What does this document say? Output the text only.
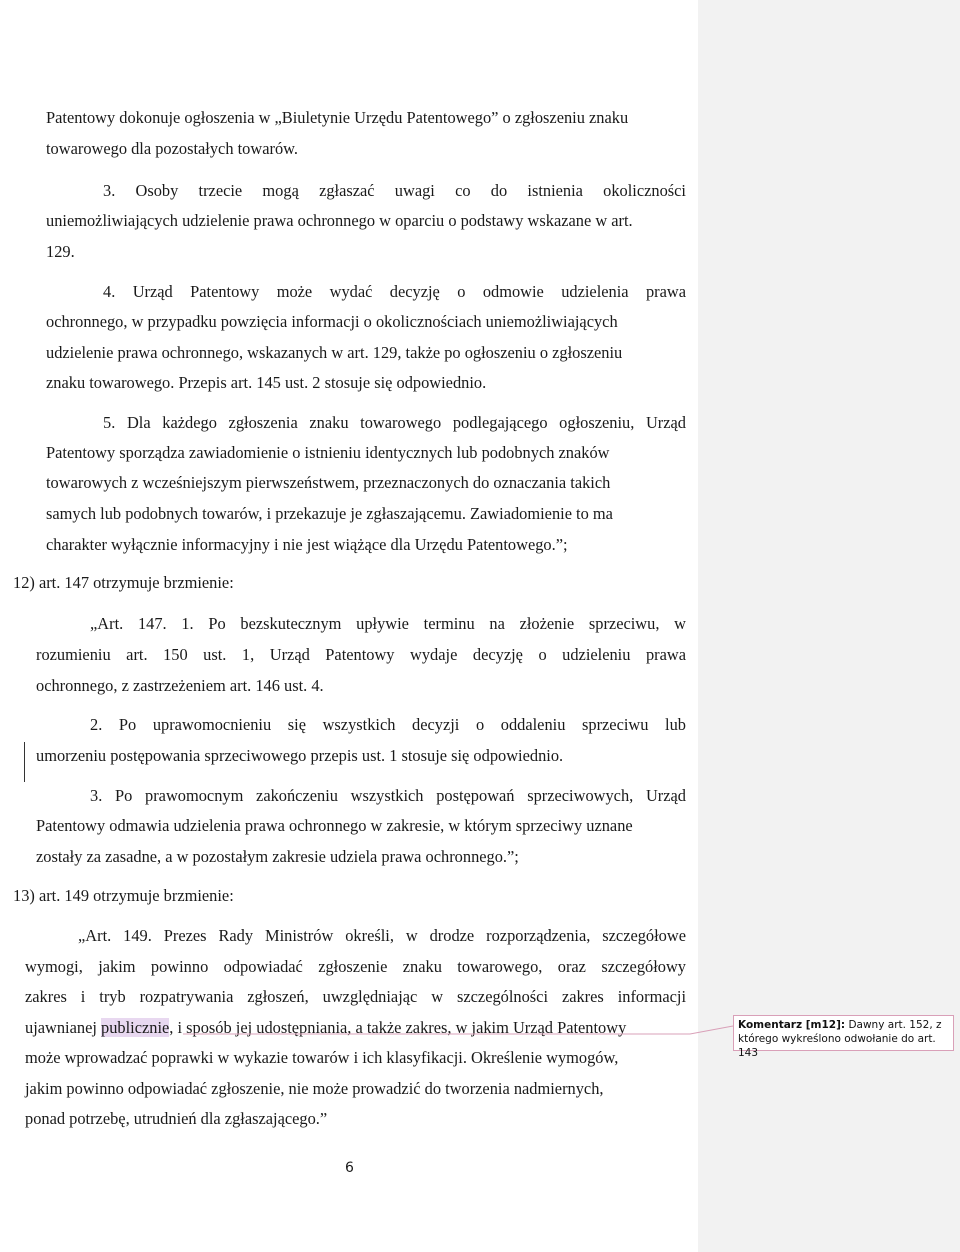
Patentowy dokonuje ogłoszenia w „Biuletynie Urzędu Patentowego” o zgłoszeniu znaku
towarowego dla pozostałych towarów.
3. Osoby trzecie mogą zgłaszać uwagi co do istnienia okoliczności
uniemożliwiających udzielenie prawa ochronnego w oparciu o podstawy wskazane w art.
129.
4. Urząd Patentowy może wydać decyzję o odmowie udzielenia prawa
ochronnego, w przypadku powzięcia informacji o okolicznościach uniemożliwiających
udzielenie prawa ochronnego, wskazanych w art. 129, także po ogłoszeniu o zgłoszeniu
znaku towarowego. Przepis art. 145 ust. 2 stosuje się odpowiednio.
5. Dla każdego zgłoszenia znaku towarowego podlegającego ogłoszeniu, Urząd
Patentowy sporządza zawiadomienie o istnieniu identycznych lub podobnych znaków
towarowych z wcześniejszym pierwszeństwem, przeznaczonych do oznaczania takich
samych lub podobnych towarów, i przekazuje je zgłaszającemu. Zawiadomienie to ma
charakter wyłącznie informacyjny i nie jest wiążące dla Urzędu Patentowego.”;
12) art. 147 otrzymuje brzmienie:
„Art. 147. 1. Po bezskutecznym upływie terminu na złożenie sprzeciwu, w
rozumieniu art. 150 ust. 1, Urząd Patentowy wydaje decyzję o udzieleniu prawa
ochronnego, z zastrzeżeniem art. 146 ust. 4.
2. Po uprawomocnieniu się wszystkich decyzji o oddaleniu sprzeciwu lub
umorzeniu postępowania sprzeciwowego przepis ust. 1 stosuje się odpowiednio.
3. Po prawomocnym zakończeniu wszystkich postępowań sprzeciwowych, Urząd
Patentowy odmawia udzielenia prawa ochronnego w zakresie, w którym sprzeciwy uznane
zostały za zasadne, a w pozostałym zakresie udziela prawa ochronnego.”;
13) art. 149 otrzymuje brzmienie:
„Art. 149. Prezes Rady Ministrów określi, w drodze rozporządzenia, szczegółowe
wymogi, jakim powinno odpowiadać zgłoszenie znaku towarowego, oraz szczegółowy
zakres i tryb rozpatrywania zgłoszeń, uwzględniając w szczególności zakres informacji
ujawnianej publicznie, i sposób jej udostępniania, a także zakres, w jakim Urząd Patentowy
może wprowadzać poprawki w wykazie towarów i ich klasyfikacji. Określenie wymogów,
jakim powinno odpowiadać zgłoszenie, nie może prowadzić do tworzenia nadmiernych,
ponad potrzebę, utrudnień dla zgłaszającego.”
Komentarz [m12]: Dawny art. 152, z którego wykreślono odwołanie do art. 143
6
